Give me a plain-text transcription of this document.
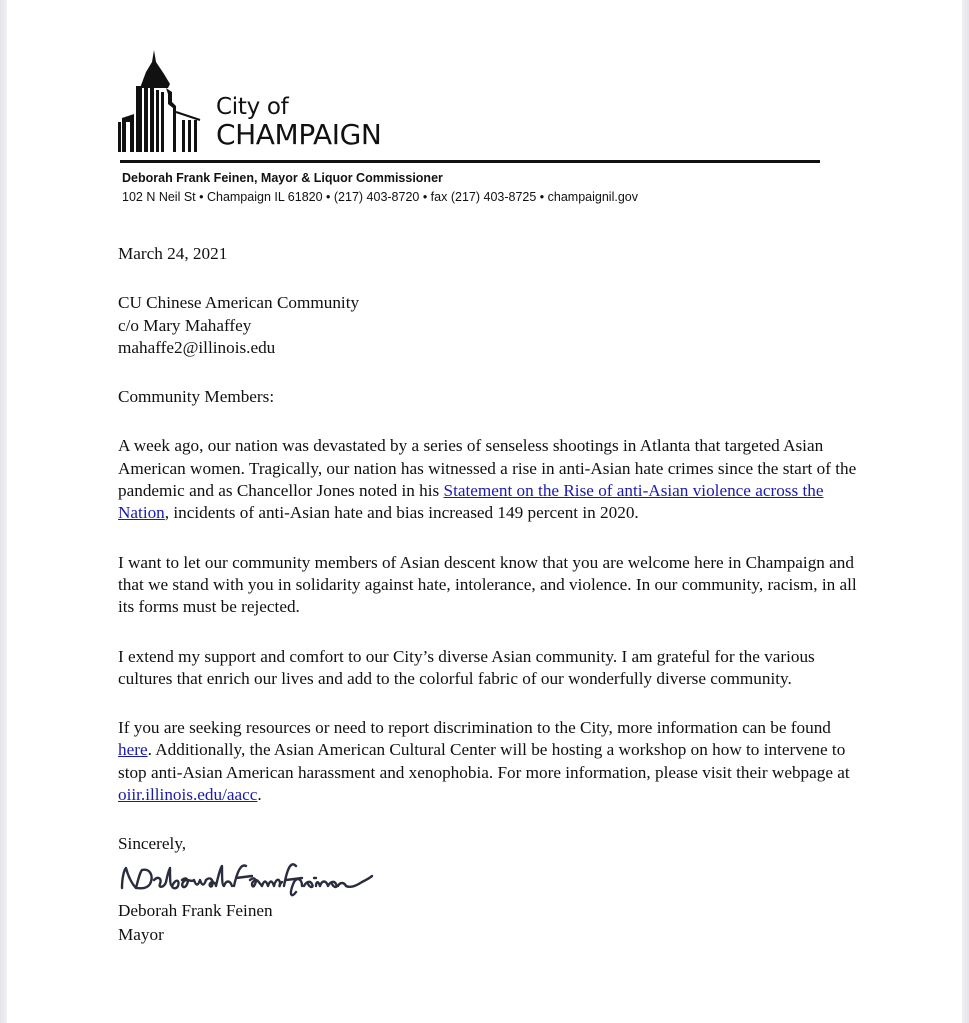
City of
CHAMPAIGN
Deborah Frank Feinen, Mayor & Liquor Commissioner
102 N Neil St • Champaign IL 61820 • (217) 403-8720 • fax (217) 403-8725 • champaignil.gov

March 24, 2021

CU Chinese American Community

c/o Mary Mahaffey

mahaffe2@illinois.edu

Community Members:

A week ago, our nation was devastated by a series of senseless shootings in Atlanta that targeted Asian American women. Tragically, our nation has witnessed a rise in anti-Asian hate crimes since the start of the pandemic and as Chancellor Jones noted in his Statement on the Rise of anti-Asian violence across the Nation, incidents of anti-Asian hate and bias increased 149 percent in 2020.

I want to let our community members of Asian descent know that you are welcome here in Champaign and that we stand with you in solidarity against hate, intolerance, and violence. In our community, racism, in all its forms must be rejected.

I extend my support and comfort to our City’s diverse Asian community. I am grateful for the various cultures that enrich our lives and add to the colorful fabric of our wonderfully diverse community.

If you are seeking resources or need to report discrimination to the City, more information can be found here. Additionally, the Asian American Cultural Center will be hosting a workshop on how to intervene to stop anti-Asian American harassment and xenophobia. For more information, please visit their webpage at oiir.illinois.edu/aacc.

Sincerely,

Deborah Frank Feinen

Mayor
